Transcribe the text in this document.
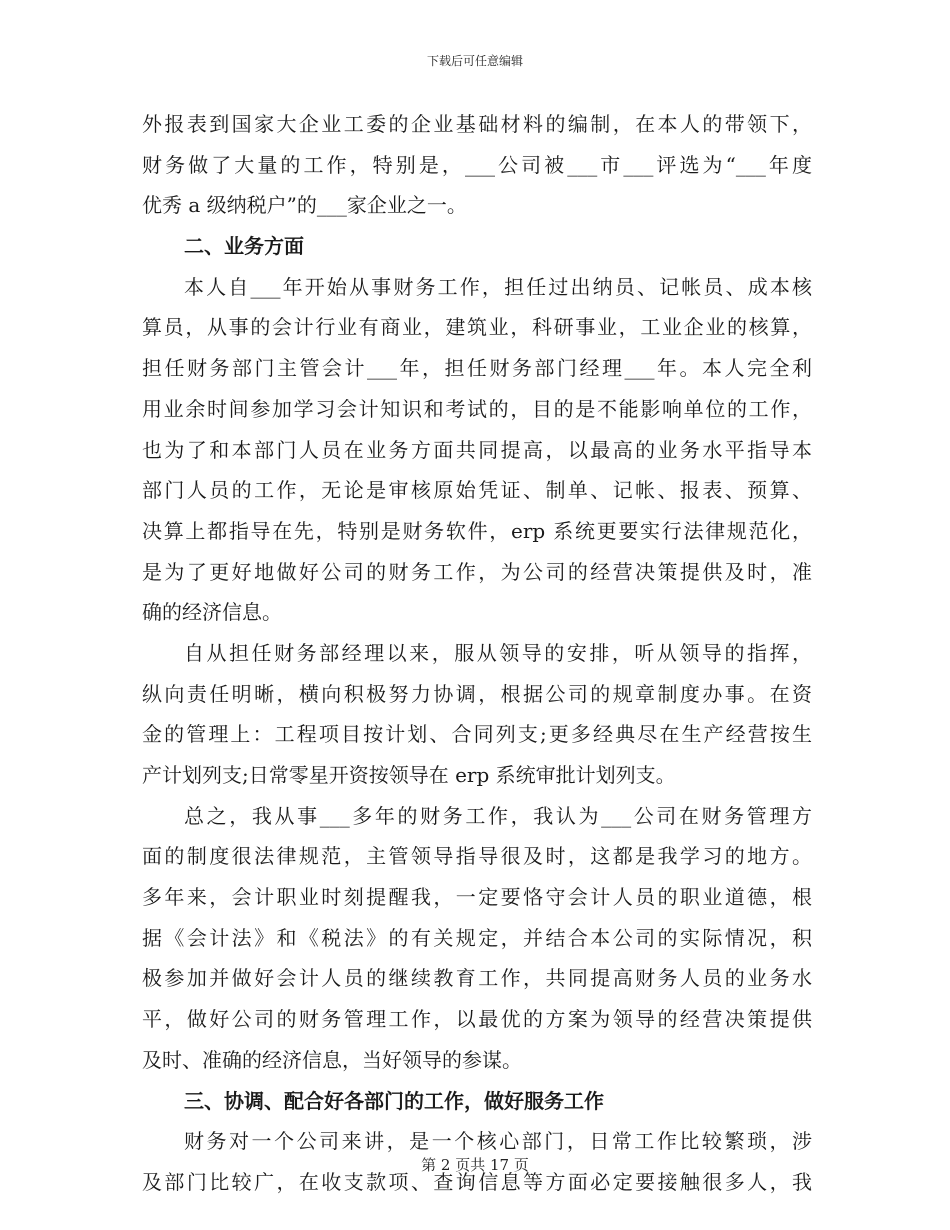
下载后可任意编辑
外报表到国家大企业工委的企业基础材料的编制，在本人的带领下，
财务做了大量的工作，特别是，___公司被___市___评选为“___年度
优秀 a 级纳税户”的___家企业之一。
二、业务方面
本人自___年开始从事财务工作，担任过出纳员、记帐员、成本核
算员，从事的会计行业有商业，建筑业，科研事业，工业企业的核算，
担任财务部门主管会计___年，担任财务部门经理___年。本人完全利
用业余时间参加学习会计知识和考试的，目的是不能影响单位的工作，
也为了和本部门人员在业务方面共同提高，以最高的业务水平指导本
部门人员的工作，无论是审核原始凭证、制单、记帐、报表、预算、
决算上都指导在先，特别是财务软件，erp 系统更要实行法律规范化，
是为了更好地做好公司的财务工作，为公司的经营决策提供及时，准
确的经济信息。
自从担任财务部经理以来，服从领导的安排，听从领导的指挥，
纵向责任明晰，横向积极努力协调，根据公司的规章制度办事。在资
金的管理上：工程项目按计划、合同列支;更多经典尽在生产经营按生
产计划列支;日常零星开资按领导在 erp 系统审批计划列支。
总之，我从事___多年的财务工作，我认为___公司在财务管理方
面的制度很法律规范，主管领导指导很及时，这都是我学习的地方。
多年来，会计职业时刻提醒我，一定要恪守会计人员的职业道德，根
据《会计法》和《税法》的有关规定，并结合本公司的实际情况，积
极参加并做好会计人员的继续教育工作，共同提高财务人员的业务水
平，做好公司的财务管理工作，以最优的方案为领导的经营决策提供
及时、准确的经济信息，当好领导的参谋。
三、协调、配合好各部门的工作，做好服务工作
财务对一个公司来讲，是一个核心部门，日常工作比较繁琐，涉
及部门比较广，在收支款项、查询信息等方面必定要接触很多人，我
第 2 页共 17 页
